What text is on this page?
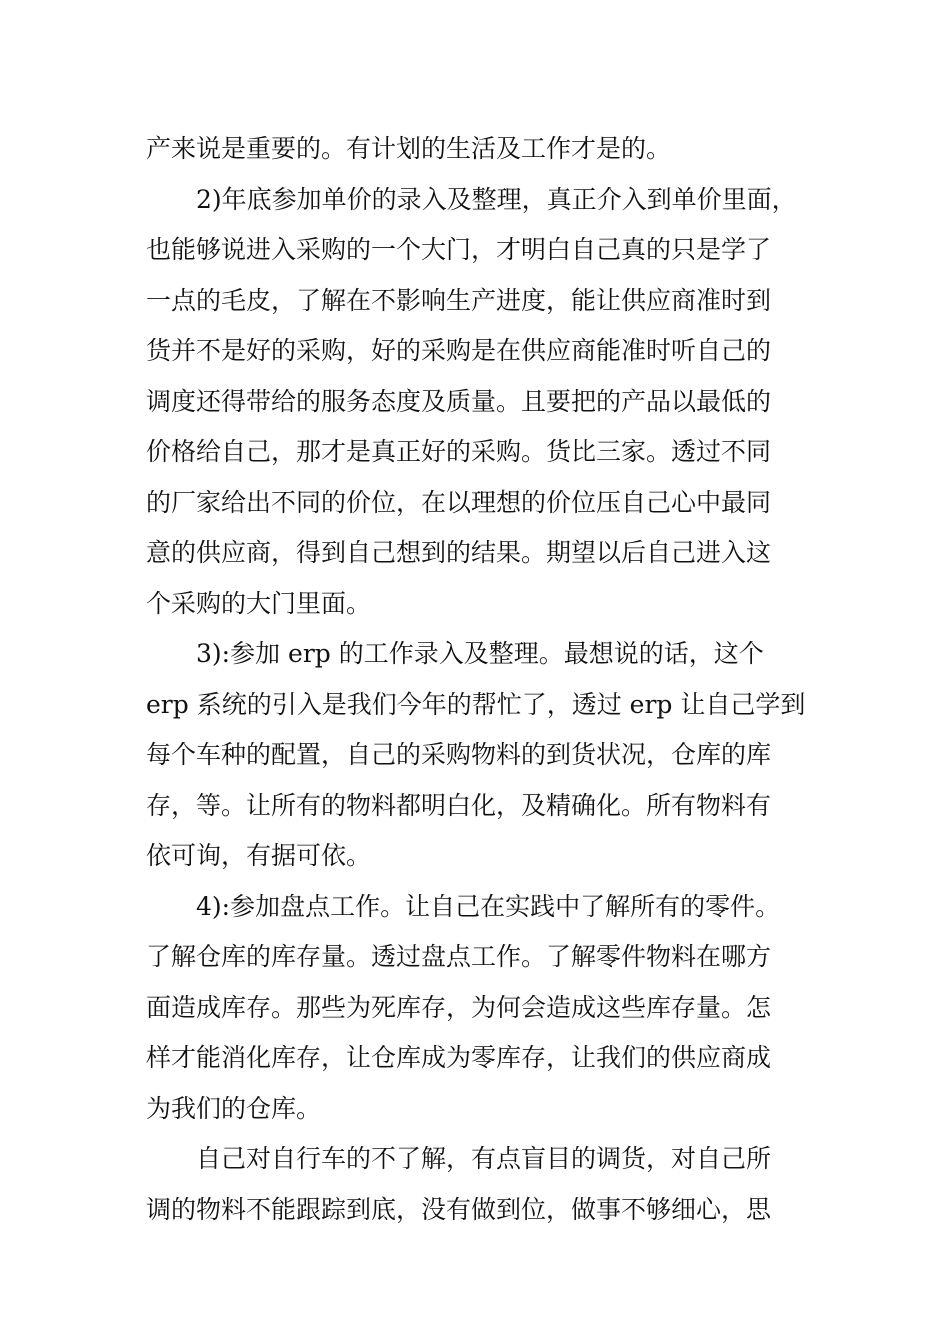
产来说是重要的。有计划的生活及工作才是的。
2)年底参加单价的录入及整理，真正介入到单价里面，
也能够说进入采购的一个大门，才明白自己真的只是学了
一点的毛皮，了解在不影响生产进度，能让供应商准时到
货并不是好的采购，好的采购是在供应商能准时听自己的
调度还得带给的服务态度及质量。且要把的产品以最低的
价格给自己，那才是真正好的采购。货比三家。透过不同
的厂家给出不同的价位，在以理想的价位压自己心中最同
意的供应商，得到自己想到的结果。期望以后自己进入这
个采购的大门里面。
3):参加 erp 的工作录入及整理。最想说的话，这个
erp 系统的引入是我们今年的帮忙了，透过 erp 让自己学到
每个车种的配置，自己的采购物料的到货状况，仓库的库
存，等。让所有的物料都明白化，及精确化。所有物料有
依可询，有据可依。
4):参加盘点工作。让自己在实践中了解所有的零件。
了解仓库的库存量。透过盘点工作。了解零件物料在哪方
面造成库存。那些为死库存，为何会造成这些库存量。怎
样才能消化库存，让仓库成为零库存，让我们的供应商成
为我们的仓库。
自己对自行车的不了解，有点盲目的调货，对自己所
调的物料不能跟踪到底，没有做到位，做事不够细心，思
